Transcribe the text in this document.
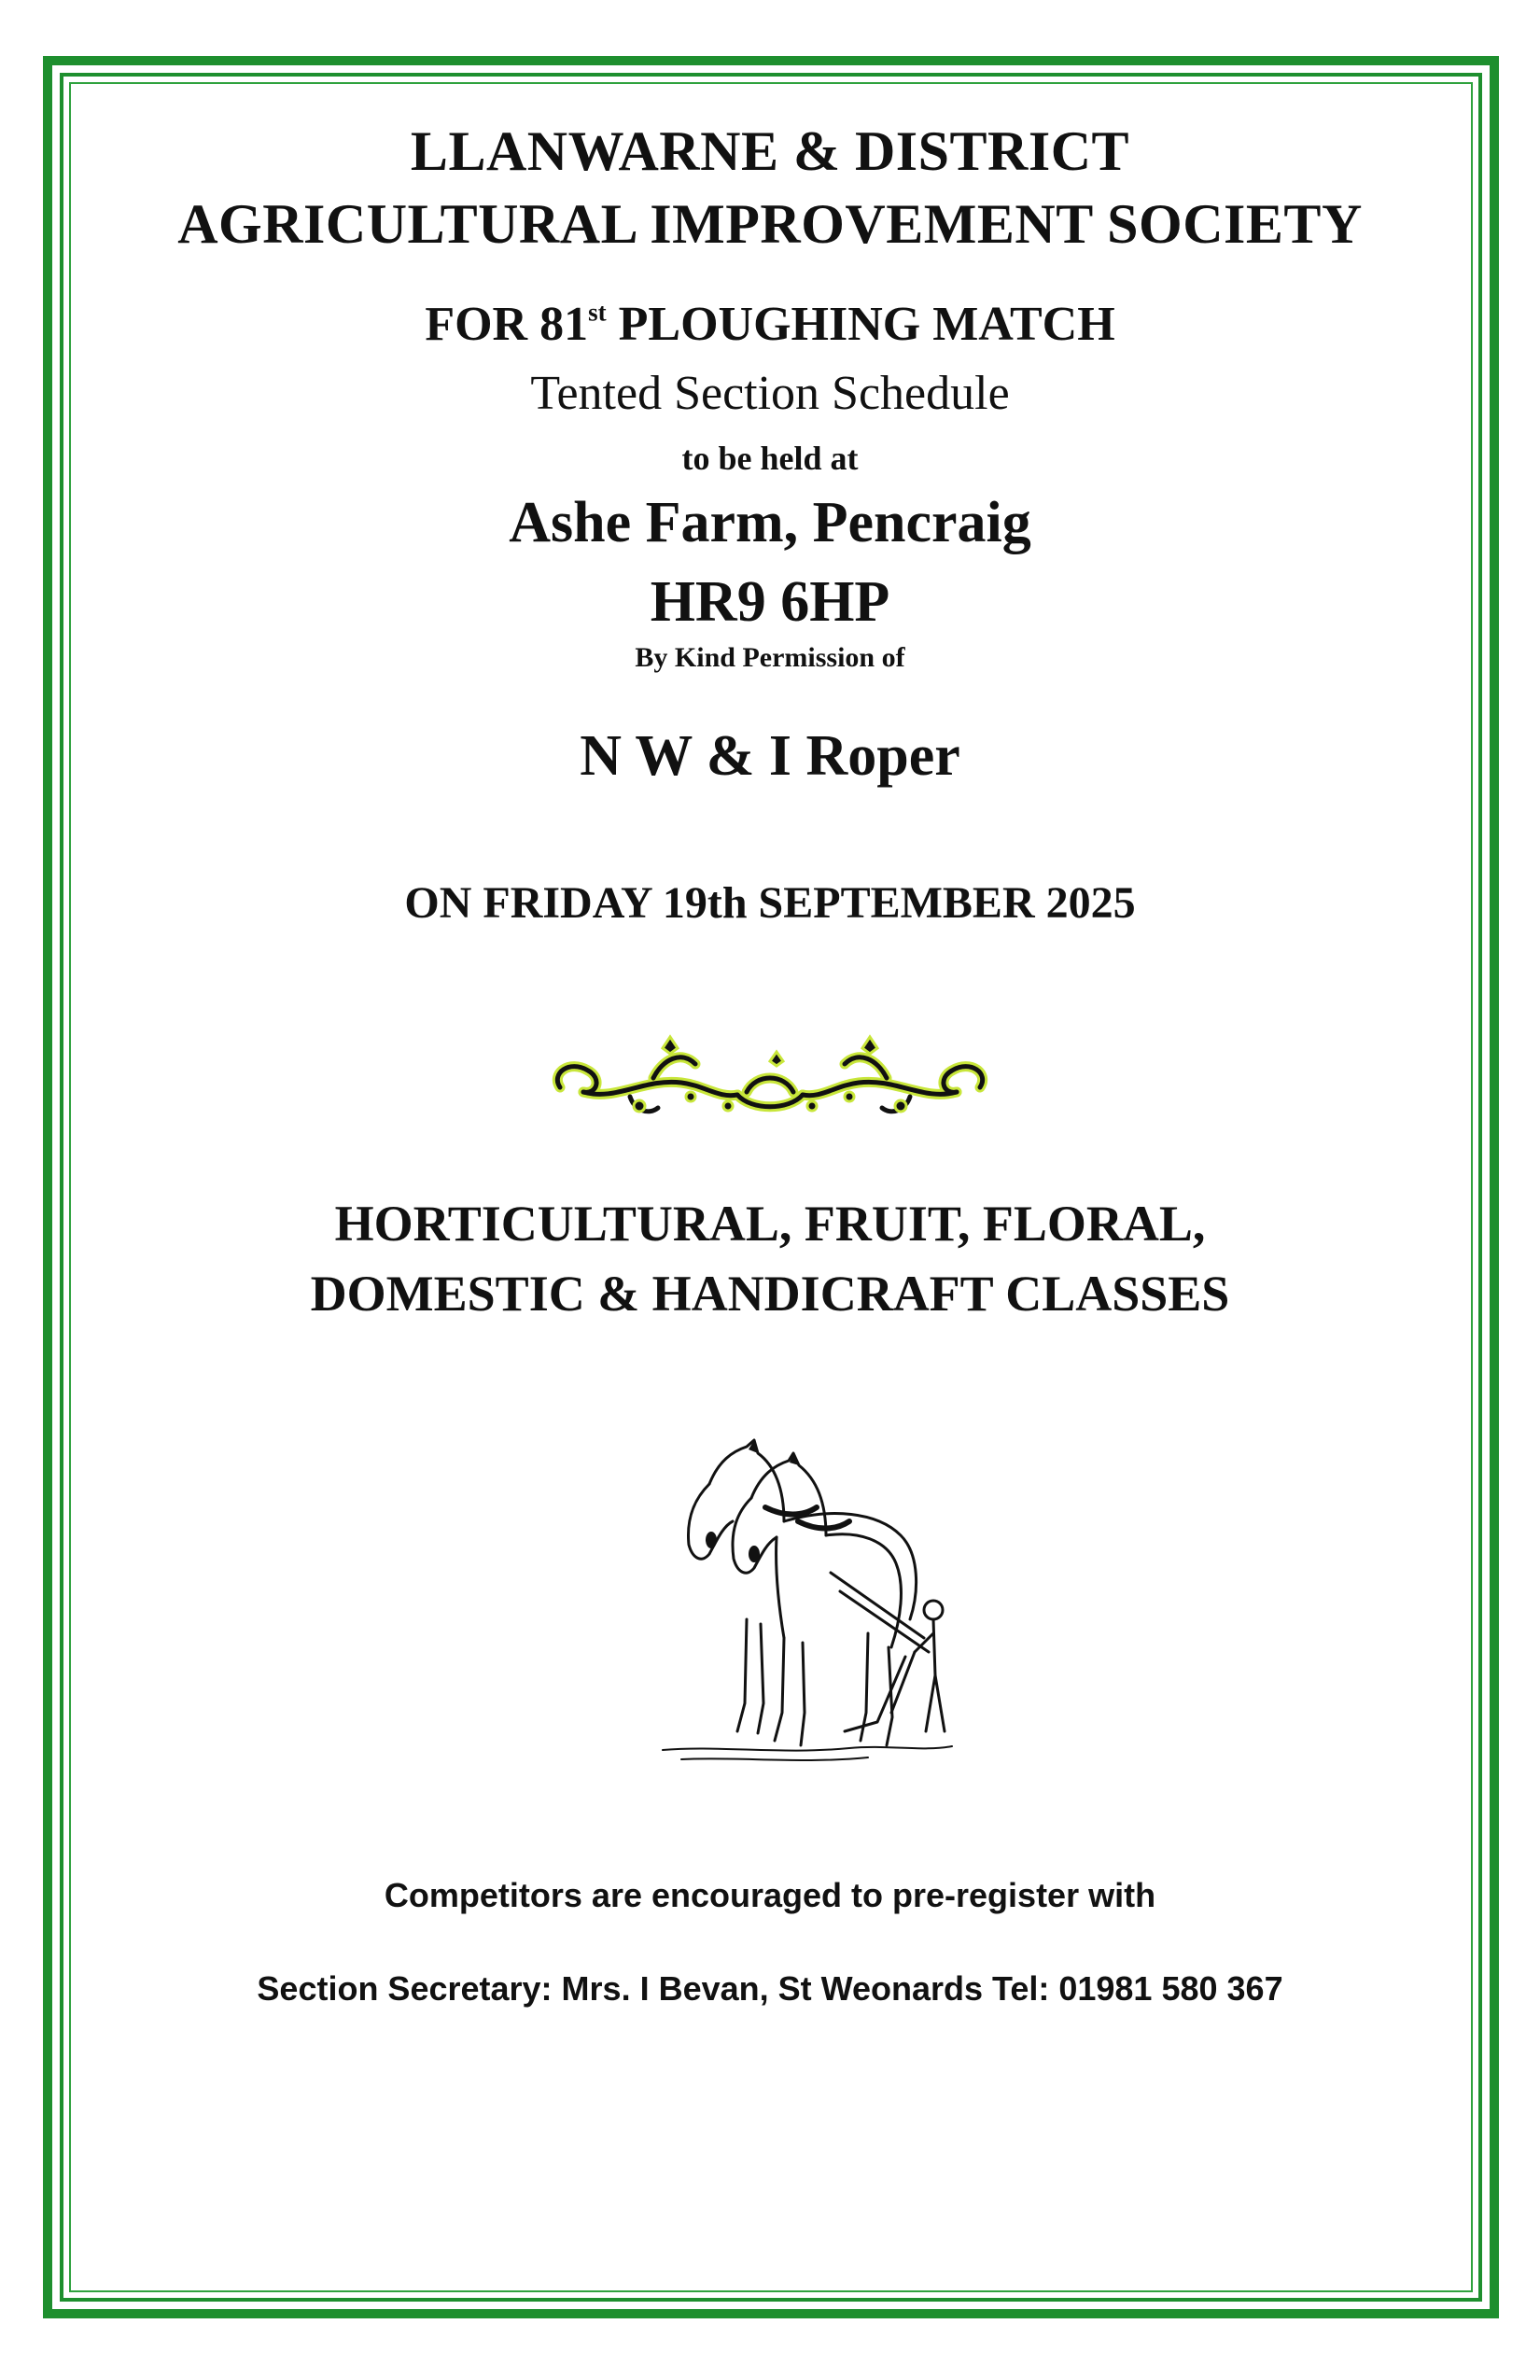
LLANWARNE & DISTRICT
AGRICULTURAL IMPROVEMENT SOCIETY
FOR 81st PLOUGHING MATCH
Tented Section Schedule
to be held at
Ashe Farm, Pencraig
HR9 6HP
By Kind Permission of
N W & I Roper
ON FRIDAY 19th SEPTEMBER 2025
HORTICULTURAL, FRUIT, FLORAL,
DOMESTIC & HANDICRAFT CLASSES
Competitors are encouraged to pre-register with
Section Secretary: Mrs. I Bevan, St Weonards Tel: 01981 580 367
